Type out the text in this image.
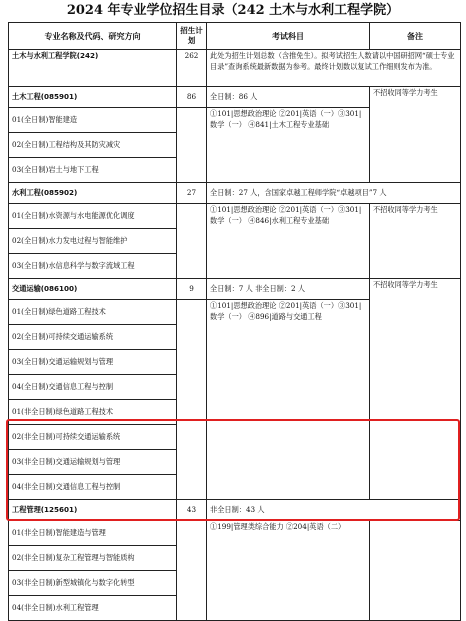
2024 年专业学位招生目录（242 土木与水利工程学院）
专业名称及代码、研究方向	招生计划	考试科目	备注
土木与水利工程学院(242)	262	此处为招生计划总数（含推免生）。拟考试招生人数请以中国研招网“硕士专业目录”查询系统最新数据为参考。最终计划数以复试工作细则发布为准。	
土木工程(085901)	86	全日制：86 人	不招收同等学力考生
01(全日制)智能建造		①101|思想政治理论 ②201|英语（一）③301|数学（一） ④841|土木工程专业基础	
02(全日制)工程结构及其防灾减灾			
03(全日制)岩土与地下工程			
水利工程(085902)	27	全日制：27 人，含国家卓越工程师学院“卓越项目”7 人	
01(全日制)水资源与水电能源优化调度		①101|思想政治理论 ②201|英语（一）③301|数学（一） ④846|水利工程专业基础	不招收同等学力考生
02(全日制)水力发电过程与智能维护			
03(全日制)水信息科学与数字流域工程			
交通运输(086100)	9	全日制：7 人 非全日制：2 人	不招收同等学力考生
01(全日制)绿色道路工程技术		①101|思想政治理论 ②201|英语（一）③301|数学（一） ④896|道路与交通工程	
02(全日制)可持续交通运输系统			
03(全日制)交通运输规划与管理			
04(全日制)交通信息工程与控制			
01(非全日制)绿色道路工程技术			
02(非全日制)可持续交通运输系统			
03(非全日制)交通运输规划与管理			
04(非全日制)交通信息工程与控制			
工程管理(125601)	43	非全日制：43 人	
01(非全日制)智能建造与管理		①199|管理类综合能力 ②204|英语（二）	
02(非全日制)复杂工程管理与智能质构			
03(非全日制)新型城镇化与数字化转型			
04(非全日制)水利工程管理			
